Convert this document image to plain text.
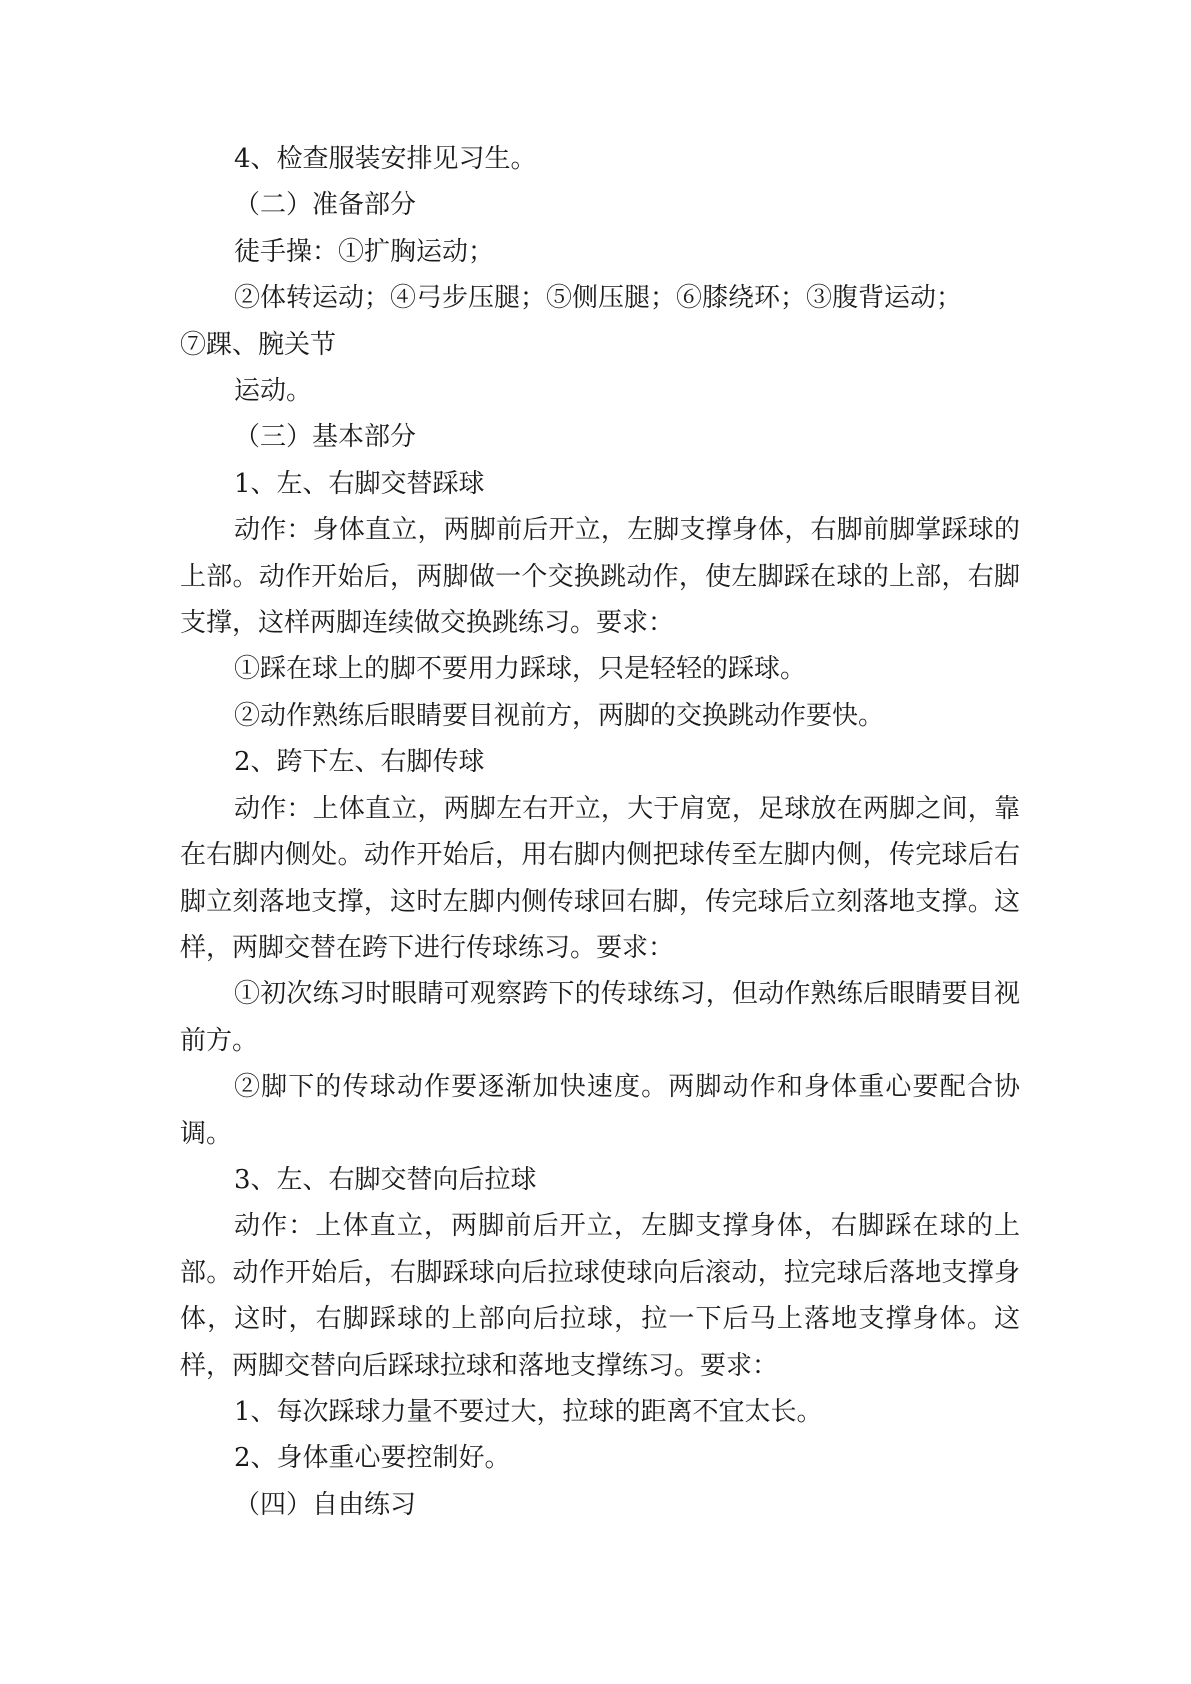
4、检查服装安排见习生。

（二）准备部分

徒手操：①扩胸运动；

②体转运动；④弓步压腿；⑤侧压腿；⑥膝绕环；③腹背运动；

⑦踝、腕关节

运动。

（三）基本部分

1、左、右脚交替踩球

动作：身体直立，两脚前后开立，左脚支撑身体，右脚前脚掌踩球的上部。动作开始后，两脚做一个交换跳动作，使左脚踩在球的上部，右脚支撑，这样两脚连续做交换跳练习。要求：

①踩在球上的脚不要用力踩球，只是轻轻的踩球。

②动作熟练后眼睛要目视前方，两脚的交换跳动作要快。

2、跨下左、右脚传球

动作：上体直立，两脚左右开立，大于肩宽，足球放在两脚之间，靠在右脚内侧处。动作开始后，用右脚内侧把球传至左脚内侧，传完球后右脚立刻落地支撑，这时左脚内侧传球回右脚，传完球后立刻落地支撑。这样，两脚交替在跨下进行传球练习。要求：

①初次练习时眼睛可观察跨下的传球练习，但动作熟练后眼睛要目视前方。

②脚下的传球动作要逐渐加快速度。两脚动作和身体重心要配合协调。

3、左、右脚交替向后拉球

动作：上体直立，两脚前后开立，左脚支撑身体，右脚踩在球的上部。动作开始后，右脚踩球向后拉球使球向后滚动，拉完球后落地支撑身体，这时，右脚踩球的上部向后拉球，拉一下后马上落地支撑身体。这样，两脚交替向后踩球拉球和落地支撑练习。要求：

1、每次踩球力量不要过大，拉球的距离不宜太长。

2、身体重心要控制好。

（四）自由练习
